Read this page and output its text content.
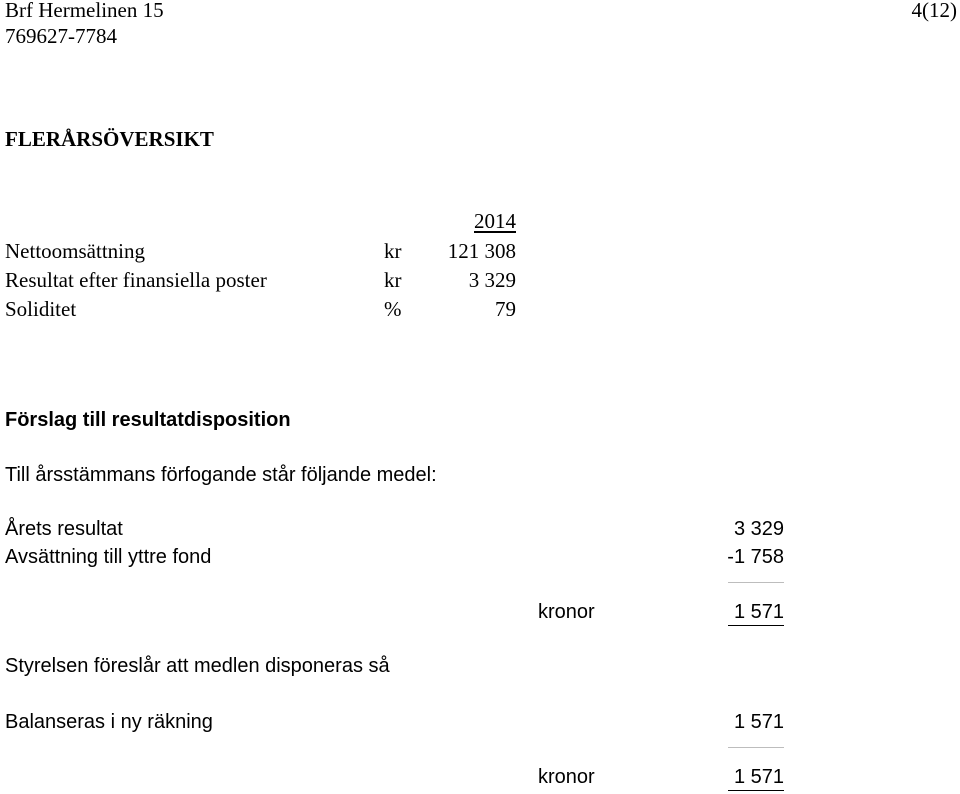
Brf Hermelinen 15
769627-7784
4(12)
FLERÅRSÖVERSIKT
2014
Nettoomsättning	kr 121 308
Resultat efter finansiella poster	kr	3 329
Soliditet	%	79
Förslag till resultatdisposition
Till årsstämmans förfogande står följande medel:
Årets resultat	3 329
Avsättning till yttre fond	-1 758
kronor	1 571
Styrelsen föreslår att medlen disponeras så
Balanseras i ny räkning	1 571
kronor	1 571
